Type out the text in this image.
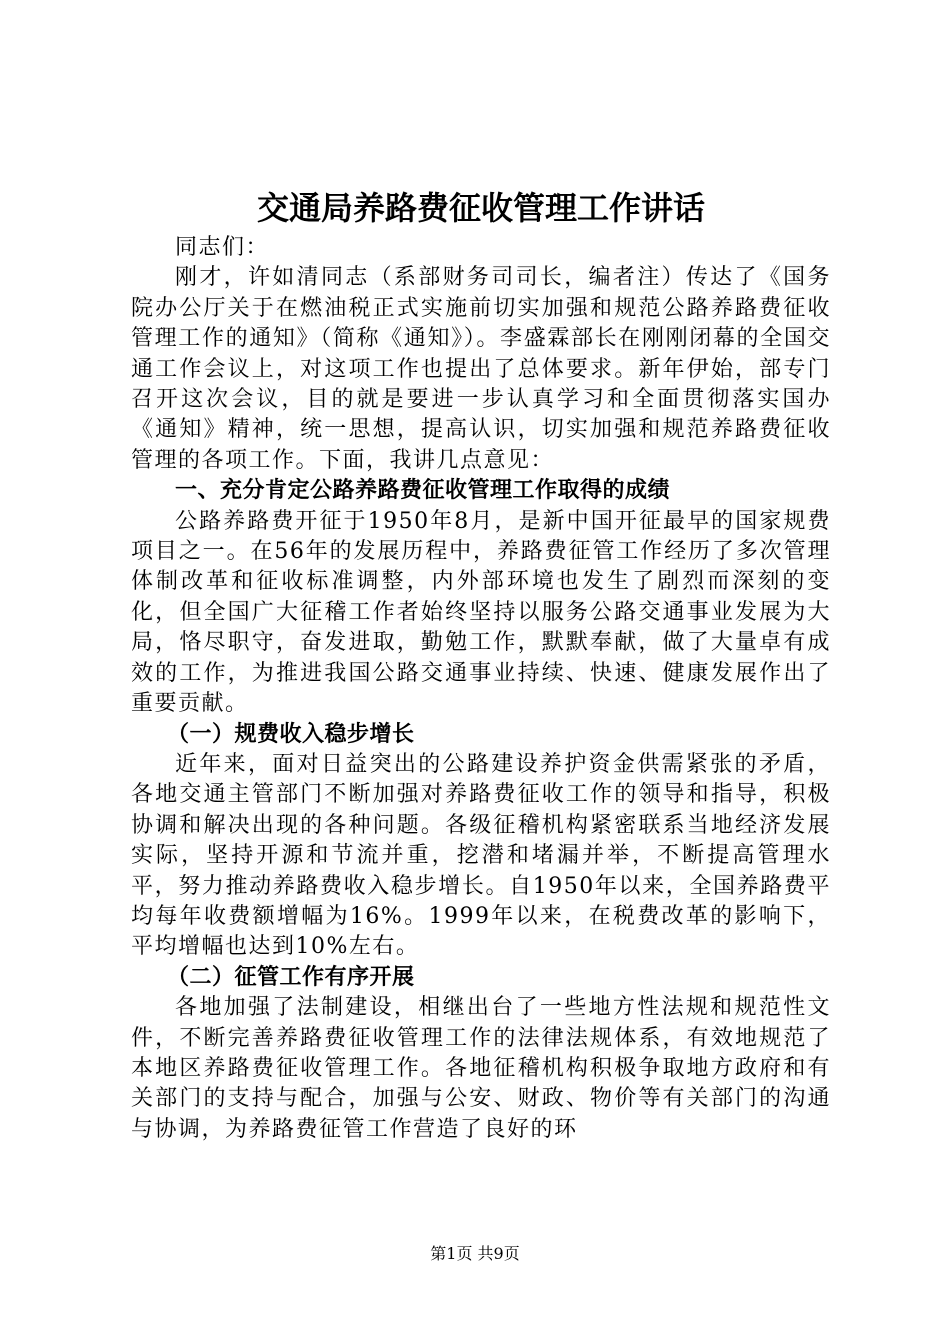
交通局养路费征收管理工作讲话

同志们：

刚才，许如清同志（系部财务司司长，编者注）传达了《国务院办公厅关于在燃油税正式实施前切实加强和规范公路养路费征收管理工作的通知》（简称《通知》）。李盛霖部长在刚刚闭幕的全国交通工作会议上，对这项工作也提出了总体要求。新年伊始，部专门召开这次会议，目的就是要进一步认真学习和全面贯彻落实国办《通知》精神，统一思想，提高认识，切实加强和规范养路费征收管理的各项工作。下面，我讲几点意见：

一、充分肯定公路养路费征收管理工作取得的成绩

公路养路费开征于1950年8月，是新中国开征最早的国家规费项目之一。在56年的发展历程中，养路费征管工作经历了多次管理体制改革和征收标准调整，内外部环境也发生了剧烈而深刻的变化，但全国广大征稽工作者始终坚持以服务公路交通事业发展为大局，恪尽职守，奋发进取，勤勉工作，默默奉献，做了大量卓有成效的工作，为推进我国公路交通事业持续、快速、健康发展作出了重要贡献。

（一）规费收入稳步增长

近年来，面对日益突出的公路建设养护资金供需紧张的矛盾，各地交通主管部门不断加强对养路费征收工作的领导和指导，积极协调和解决出现的各种问题。各级征稽机构紧密联系当地经济发展实际，坚持开源和节流并重，挖潜和堵漏并举，不断提高管理水平，努力推动养路费收入稳步增长。自1950年以来，全国养路费平均每年收费额增幅为16%。1999年以来，在税费改革的影响下，平均增幅也达到10%左右。

（二）征管工作有序开展

各地加强了法制建设，相继出台了一些地方性法规和规范性文件，不断完善养路费征收管理工作的法律法规体系，有效地规范了本地区养路费征收管理工作。各地征稽机构积极争取地方政府和有关部门的支持与配合，加强与公安、财政、物价等有关部门的沟通与协调，为养路费征管工作营造了良好的环

第1页 共9页
